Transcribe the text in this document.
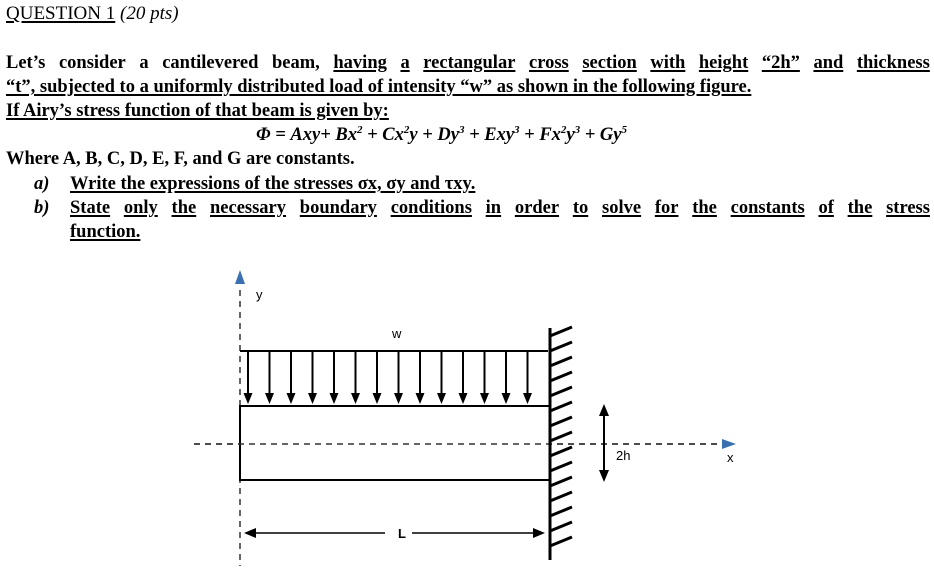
QUESTION 1 (20 pts)
Let’s consider a cantilevered beam, having a rectangular cross section with height “2h” and thickness
“t”, subjected to a uniformly distributed load of intensity “w” as shown in the following figure.
If Airy’s stress function of that beam is given by:
$\Phi = Axy+ Bx^2 + Cx^2y + Dy^3 + Exy^3 + Fx^2y^3 + Gy^5$
Where A, B, C, D, E, F, and G are constants.
a) Write the expressions of the stresses σx, σy and τxy.
b)	State only the necessary boundary conditions in order to solve for the constants of the stress
function.
y
x
w
2h
L
